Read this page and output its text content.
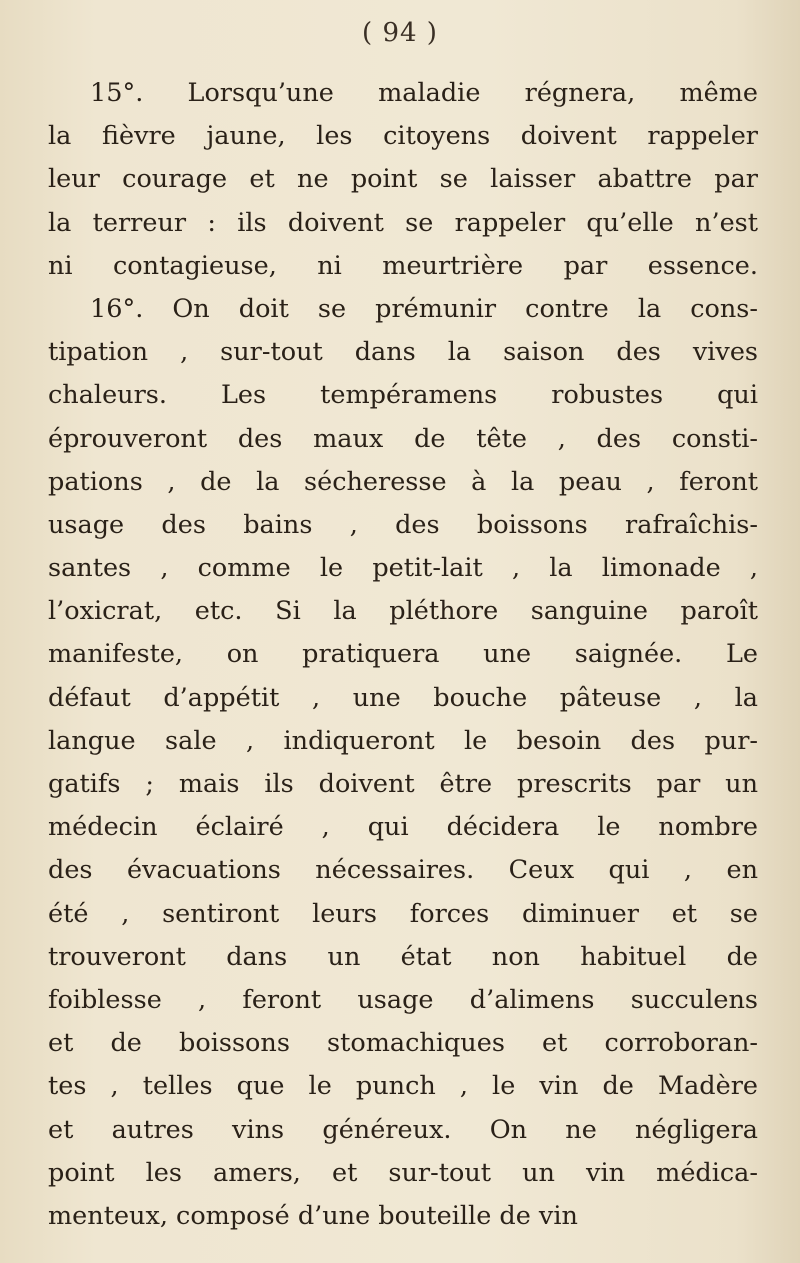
( 94 )
15°. Lorsqu’une maladie régnera, même
la fièvre jaune, les citoyens doivent rappeler
leur courage et ne point se laisser abattre par
la terreur : ils doivent se rappeler qu’elle n’est
ni contagieuse, ni meurtrière par essence.
16°. On doit se prémunir contre la cons-
tipation , sur-tout dans la saison des vives
chaleurs. Les tempéramens robustes qui
éprouveront des maux de tête , des consti-
pations , de la sécheresse à la peau , feront
usage des bains , des boissons rafraîchis-
santes , comme le petit-lait , la limonade ,
l’oxicrat, etc. Si la pléthore sanguine paroît
manifeste, on pratiquera une saignée. Le
défaut d’appétit , une bouche pâteuse , la
langue sale , indiqueront le besoin des pur-
gatifs ; mais ils doivent être prescrits par un
médecin éclairé , qui décidera le nombre
des évacuations nécessaires. Ceux qui , en
été , sentiront leurs forces diminuer et se
trouveront dans un état non habituel de
foiblesse , feront usage d’alimens succulens
et de boissons stomachiques et corroboran-
tes , telles que le punch , le vin de Madère
et autres vins généreux. On ne négligera
point les amers, et sur-tout un vin médica-
menteux, composé d’une bouteille de vin
